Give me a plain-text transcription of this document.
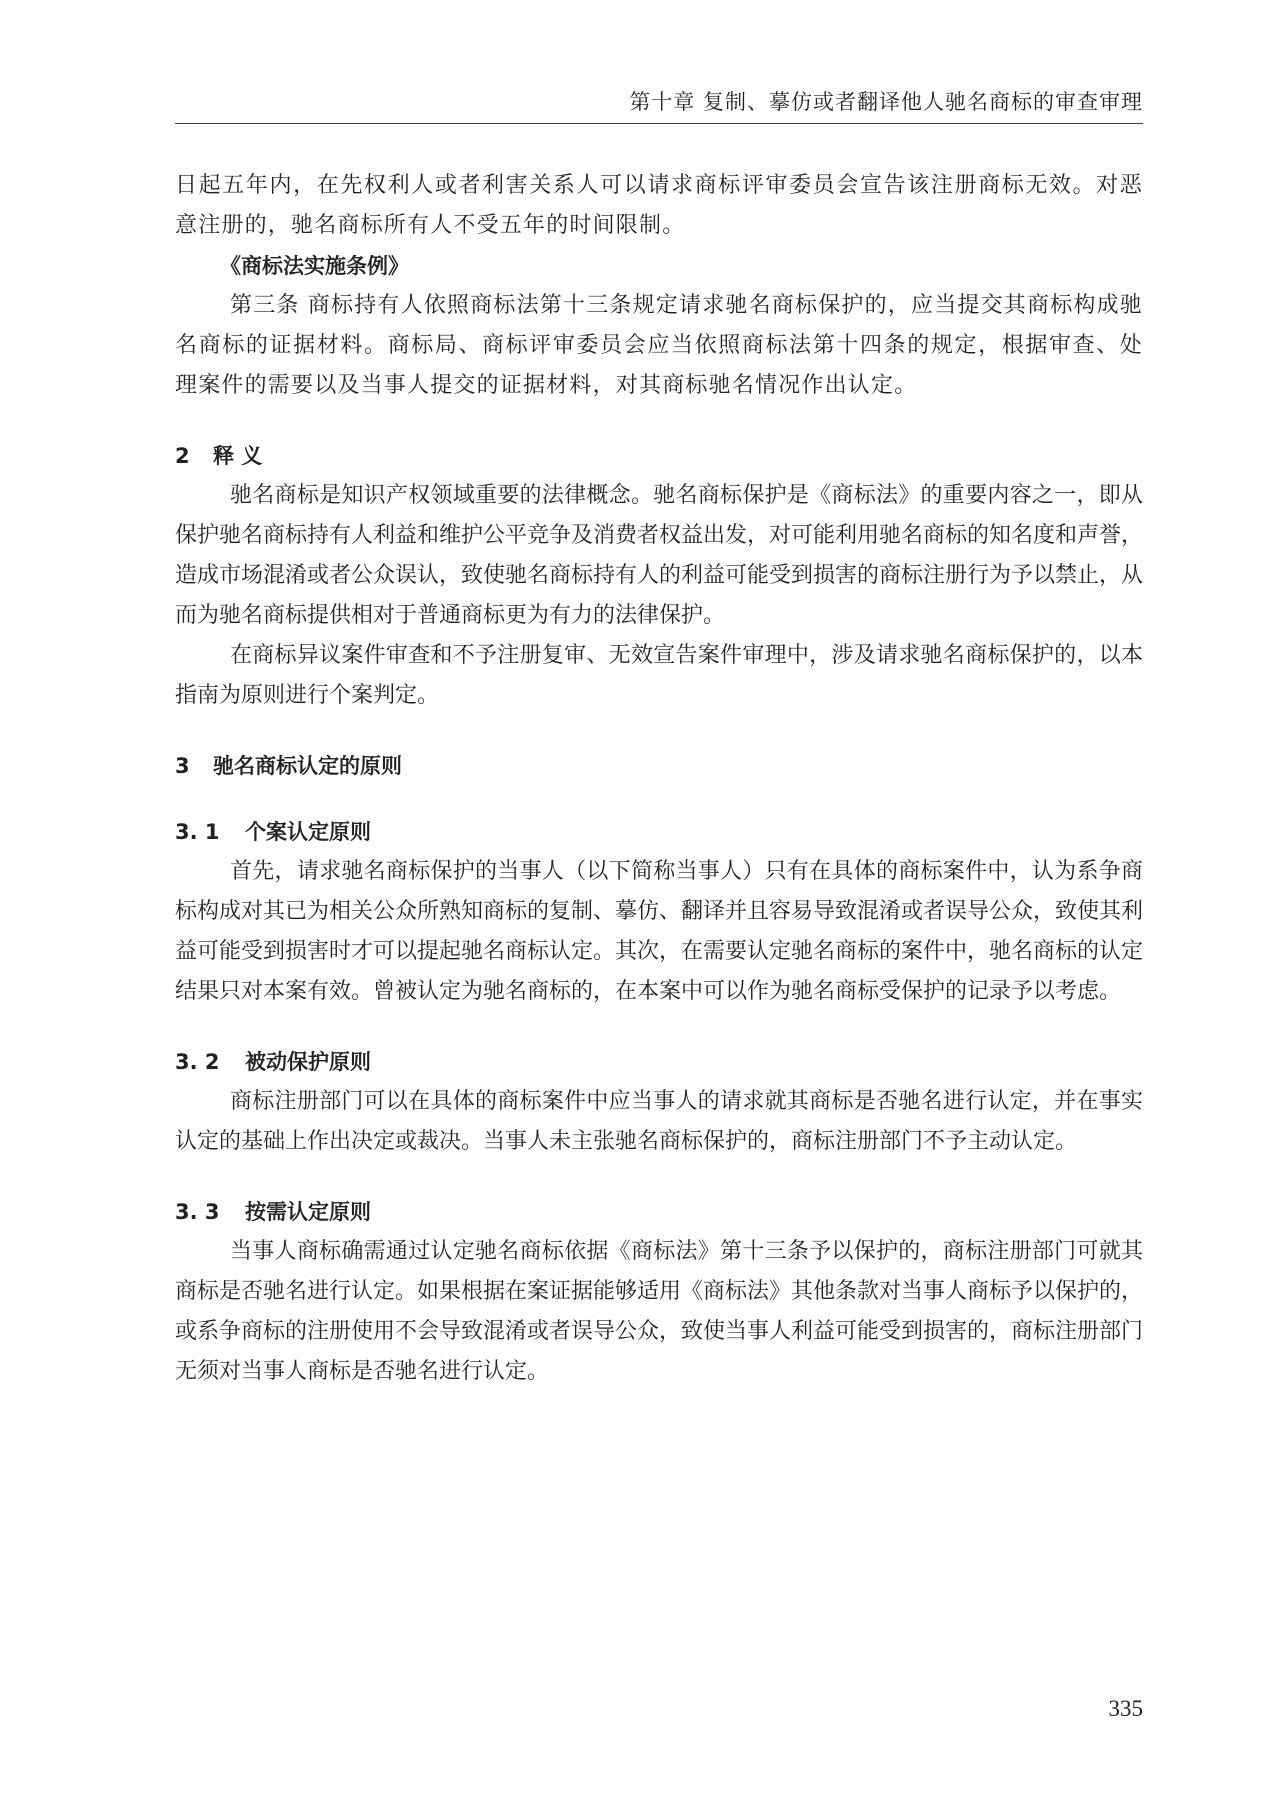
第十章 复制、摹仿或者翻译他人驰名商标的审查审理

日起五年内，在先权利人或者利害关系人可以请求商标评审委员会宣告该注册商标无效。对恶意注册的，驰名商标所有人不受五年的时间限制。

《商标法实施条例》

第三条 商标持有人依照商标法第十三条规定请求驰名商标保护的，应当提交其商标构成驰名商标的证据材料。商标局、商标评审委员会应当依照商标法第十四条的规定，根据审查、处理案件的需要以及当事人提交的证据材料，对其商标驰名情况作出认定。

2 释 义

驰名商标是知识产权领域重要的法律概念。驰名商标保护是《商标法》的重要内容之一，即从保护驰名商标持有人利益和维护公平竞争及消费者权益出发，对可能利用驰名商标的知名度和声誉，造成市场混淆或者公众误认，致使驰名商标持有人的利益可能受到损害的商标注册行为予以禁止，从而为驰名商标提供相对于普通商标更为有力的法律保护。

在商标异议案件审查和不予注册复审、无效宣告案件审理中，涉及请求驰名商标保护的，以本指南为原则进行个案判定。

3 驰名商标认定的原则
3. 1 个案认定原则

首先，请求驰名商标保护的当事人（以下简称当事人）只有在具体的商标案件中，认为系争商标构成对其已为相关公众所熟知商标的复制、摹仿、翻译并且容易导致混淆或者误导公众，致使其利益可能受到损害时才可以提起驰名商标认定。其次，在需要认定驰名商标的案件中，驰名商标的认定结果只对本案有效。曾被认定为驰名商标的，在本案中可以作为驰名商标受保护的记录予以考虑。

3. 2 被动保护原则

商标注册部门可以在具体的商标案件中应当事人的请求就其商标是否驰名进行认定，并在事实认定的基础上作出决定或裁决。当事人未主张驰名商标保护的，商标注册部门不予主动认定。

3. 3 按需认定原则

当事人商标确需通过认定驰名商标依据《商标法》第十三条予以保护的，商标注册部门可就其商标是否驰名进行认定。如果根据在案证据能够适用《商标法》其他条款对当事人商标予以保护的，或系争商标的注册使用不会导致混淆或者误导公众，致使当事人利益可能受到损害的，商标注册部门无须对当事人商标是否驰名进行认定。

335
